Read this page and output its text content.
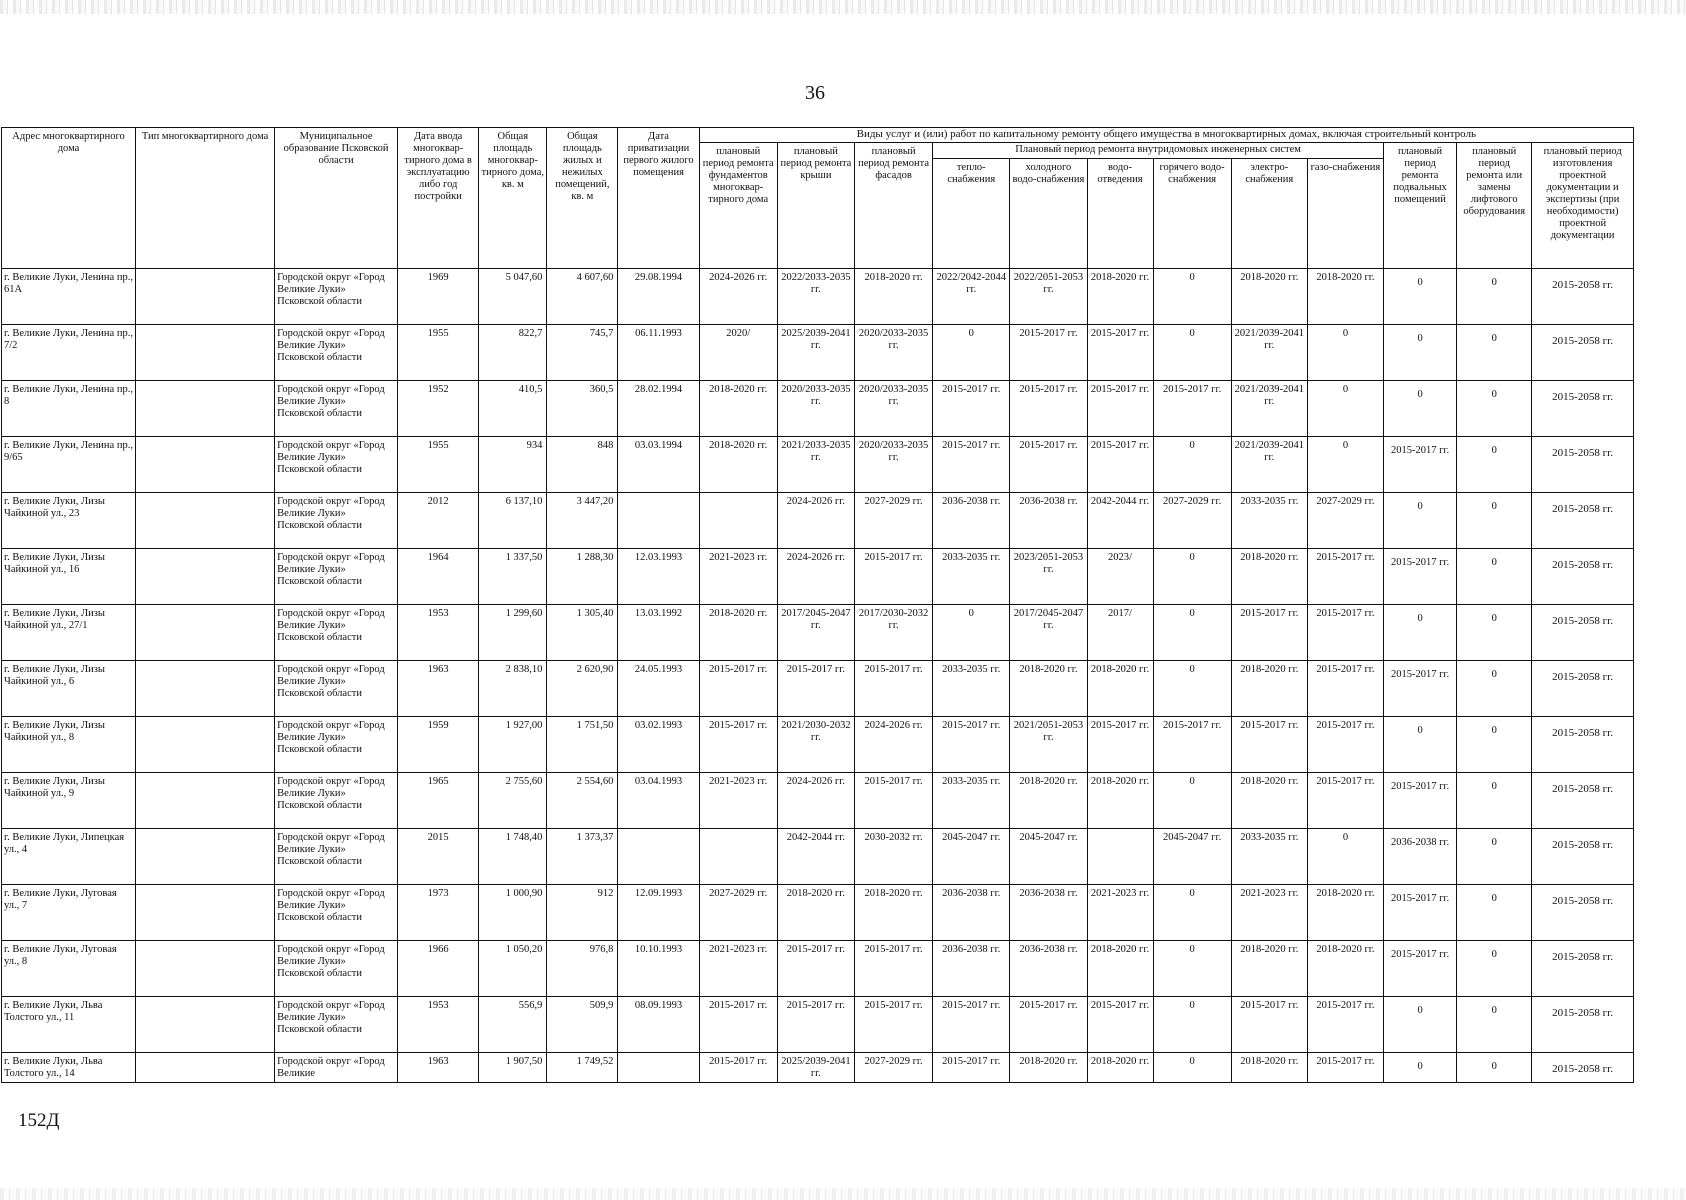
36
Адрес многоквартирного дома	Тип многоквартирного дома	Муниципальное образование Псковской области	Дата ввода многоквар-тирного дома в эксплуатацию либо год постройки	Общая площадь многоквар-тирного дома, кв. м	Общая площадь жилых и нежилых помещений, кв. м	Дата приватизации первого жилого помещения	Виды услуг и (или) работ по капитальному ремонту общего имущества в многоквартирных домах, включая строительный контроль											
							плановый период ремонта фундаментов многоквар-тирного дома	плановый период ремонта крыши	плановый период ремонта фасадов	Плановый период ремонта внутридомовых инженерных систем						плановый период ремонта подвальных помещений	плановый период ремонта или замены лифтового оборудования	плановый период изготовления проектной документации и экспертизы (при необходимости) проектной документации
										тепло-снабжения	холодного водо-снабжения	водо-отведения	горячего водо-снабжения	электро-снабжения	газо-снабжения			
г. Великие Луки, Ленина пр., 61А		Городской округ «Город Великие Луки» Псковской области	1969	5 047,60	4 607,60	29.08.1994	2024-2026 гг.	2022/2033-2035 гг.	2018-2020 гг.	2022/2042-2044 гг.	2022/2051-2053 гг.	2018-2020 гг.	0	2018-2020 гг.	2018-2020 гг.	0	0	2015-2058 гг.
г. Великие Луки, Ленина пр., 7/2		Городской округ «Город Великие Луки» Псковской области	1955	822,7	745,7	06.11.1993	2020/	2025/2039-2041 гг.	2020/2033-2035 гг.	0	2015-2017 гг.	2015-2017 гг.	0	2021/2039-2041 гг.	0	0	0	2015-2058 гг.
г. Великие Луки, Ленина пр., 8		Городской округ «Город Великие Луки» Псковской области	1952	410,5	360,5	28.02.1994	2018-2020 гг.	2020/2033-2035 гг.	2020/2033-2035 гг.	2015-2017 гг.	2015-2017 гг.	2015-2017 гг.	2015-2017 гг.	2021/2039-2041 гг.	0	0	0	2015-2058 гг.
г. Великие Луки, Ленина пр., 9/65		Городской округ «Город Великие Луки» Псковской области	1955	934	848	03.03.1994	2018-2020 гг.	2021/2033-2035 гг.	2020/2033-2035 гг.	2015-2017 гг.	2015-2017 гг.	2015-2017 гг.	0	2021/2039-2041 гг.	0	2015-2017 гг.	0	2015-2058 гг.
г. Великие Луки, Лизы Чайкиной ул., 23		Городской округ «Город Великие Луки» Псковской области	2012	6 137,10	3 447,20			2024-2026 гг.	2027-2029 гг.	2036-2038 гг.	2036-2038 гг.	2042-2044 гг.	2027-2029 гг.	2033-2035 гг.	2027-2029 гг.	0	0	2015-2058 гг.
г. Великие Луки, Лизы Чайкиной ул., 16		Городской округ «Город Великие Луки» Псковской области	1964	1 337,50	1 288,30	12.03.1993	2021-2023 гг.	2024-2026 гг.	2015-2017 гг.	2033-2035 гг.	2023/2051-2053 гг.	2023/	0	2018-2020 гг.	2015-2017 гг.	2015-2017 гг.	0	2015-2058 гг.
г. Великие Луки, Лизы Чайкиной ул., 27/1		Городской округ «Город Великие Луки» Псковской области	1953	1 299,60	1 305,40	13.03.1992	2018-2020 гг.	2017/2045-2047 гг.	2017/2030-2032 гг.	0	2017/2045-2047 гг.	2017/	0	2015-2017 гг.	2015-2017 гг.	0	0	2015-2058 гг.
г. Великие Луки, Лизы Чайкиной ул., 6		Городской округ «Город Великие Луки» Псковской области	1963	2 838,10	2 620,90	24.05.1993	2015-2017 гг.	2015-2017 гг.	2015-2017 гг.	2033-2035 гг.	2018-2020 гг.	2018-2020 гг.	0	2018-2020 гг.	2015-2017 гг.	2015-2017 гг.	0	2015-2058 гг.
г. Великие Луки, Лизы Чайкиной ул., 8		Городской округ «Город Великие Луки» Псковской области	1959	1 927,00	1 751,50	03.02.1993	2015-2017 гг.	2021/2030-2032 гг.	2024-2026 гг.	2015-2017 гг.	2021/2051-2053 гг.	2015-2017 гг.	2015-2017 гг.	2015-2017 гг.	2015-2017 гг.	0	0	2015-2058 гг.
г. Великие Луки, Лизы Чайкиной ул., 9		Городской округ «Город Великие Луки» Псковской области	1965	2 755,60	2 554,60	03.04.1993	2021-2023 гг.	2024-2026 гг.	2015-2017 гг.	2033-2035 гг.	2018-2020 гг.	2018-2020 гг.	0	2018-2020 гг.	2015-2017 гг.	2015-2017 гг.	0	2015-2058 гг.
г. Великие Луки, Липецкая ул., 4		Городской округ «Город Великие Луки» Псковской области	2015	1 748,40	1 373,37			2042-2044 гг.	2030-2032 гг.	2045-2047 гг.	2045-2047 гг.		2045-2047 гг.	2033-2035 гг.	0	2036-2038 гг.	0	2015-2058 гг.
г. Великие Луки, Луговая ул., 7		Городской округ «Город Великие Луки» Псковской области	1973	1 000,90	912	12.09.1993	2027-2029 гг.	2018-2020 гг.	2018-2020 гг.	2036-2038 гг.	2036-2038 гг.	2021-2023 гг.	0	2021-2023 гг.	2018-2020 гг.	2015-2017 гг.	0	2015-2058 гг.
г. Великие Луки, Луговая ул., 8		Городской округ «Город Великие Луки» Псковской области	1966	1 050,20	976,8	10.10.1993	2021-2023 гг.	2015-2017 гг.	2015-2017 гг.	2036-2038 гг.	2036-2038 гг.	2018-2020 гг.	0	2018-2020 гг.	2018-2020 гг.	2015-2017 гг.	0	2015-2058 гг.
г. Великие Луки, Льва Толстого ул., 11		Городской округ «Город Великие Луки» Псковской области	1953	556,9	509,9	08.09.1993	2015-2017 гг.	2015-2017 гг.	2015-2017 гг.	2015-2017 гг.	2015-2017 гг.	2015-2017 гг.	0	2015-2017 гг.	2015-2017 гг.	0	0	2015-2058 гг.
г. Великие Луки, Льва Толстого ул., 14		Городской округ «Город Великие	1963	1 907,50	1 749,52		2015-2017 гг.	2025/2039-2041 гг.	2027-2029 гг.	2015-2017 гг.	2018-2020 гг.	2018-2020 гг.	0	2018-2020 гг.	2015-2017 гг.	0	0	2015-2058 гг.
152Д
